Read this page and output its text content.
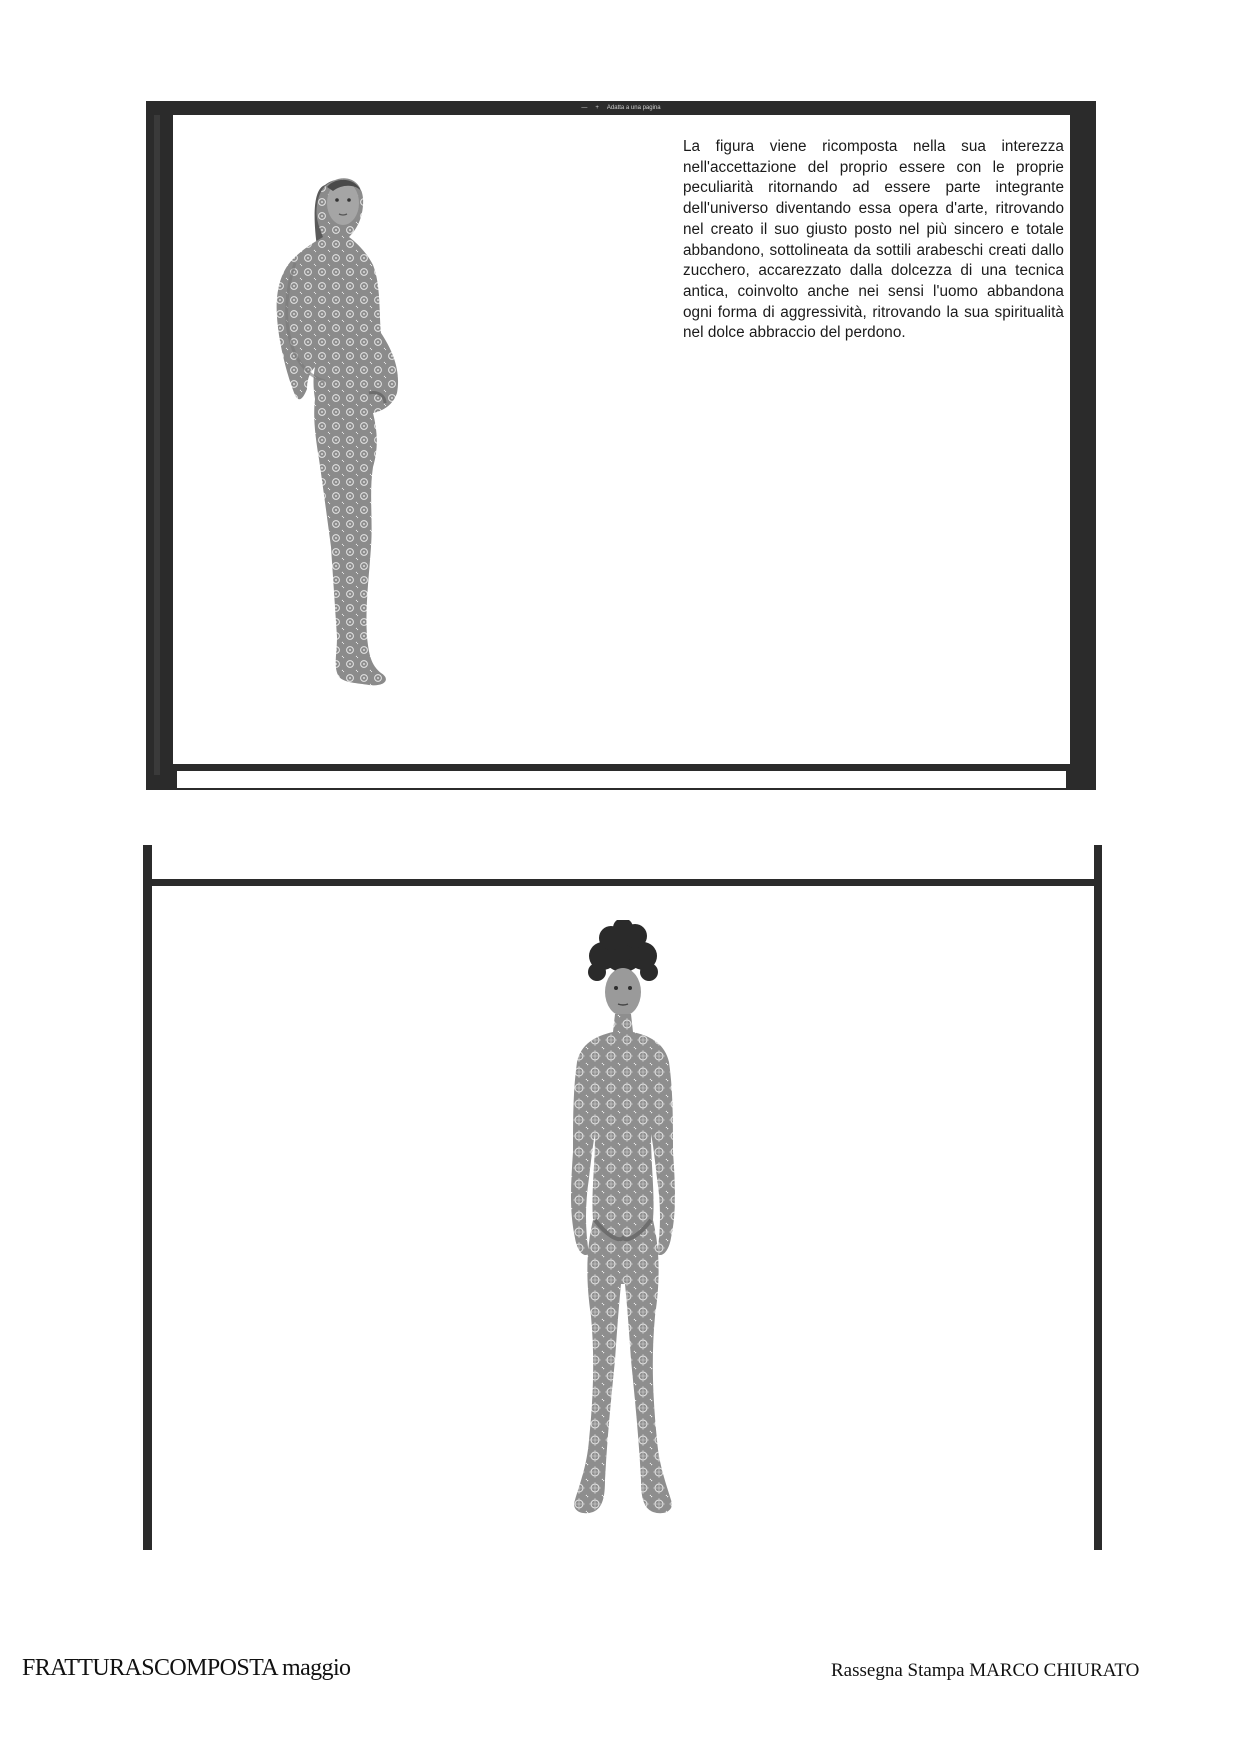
— + Adatta a una pagina

La figura viene ricomposta nella sua interezza nell'accettazione del proprio essere con le proprie peculiarità ritornando ad essere parte integrante dell'universo diventando essa opera d'arte, ritrovando nel creato il suo giusto posto nel più sincero e totale abbandono, sottolineata da sottili arabeschi creati dallo zucchero, accarezzato dalla dolcezza di una tecnica antica, coinvolto anche nei sensi l'uomo abbandona ogni forma di aggressività, ritrovando la sua spiritualità nel dolce abbraccio del perdono.

FRATTURASCOMPOSTA maggio	Rassegna Stampa MARCO CHIURATO
